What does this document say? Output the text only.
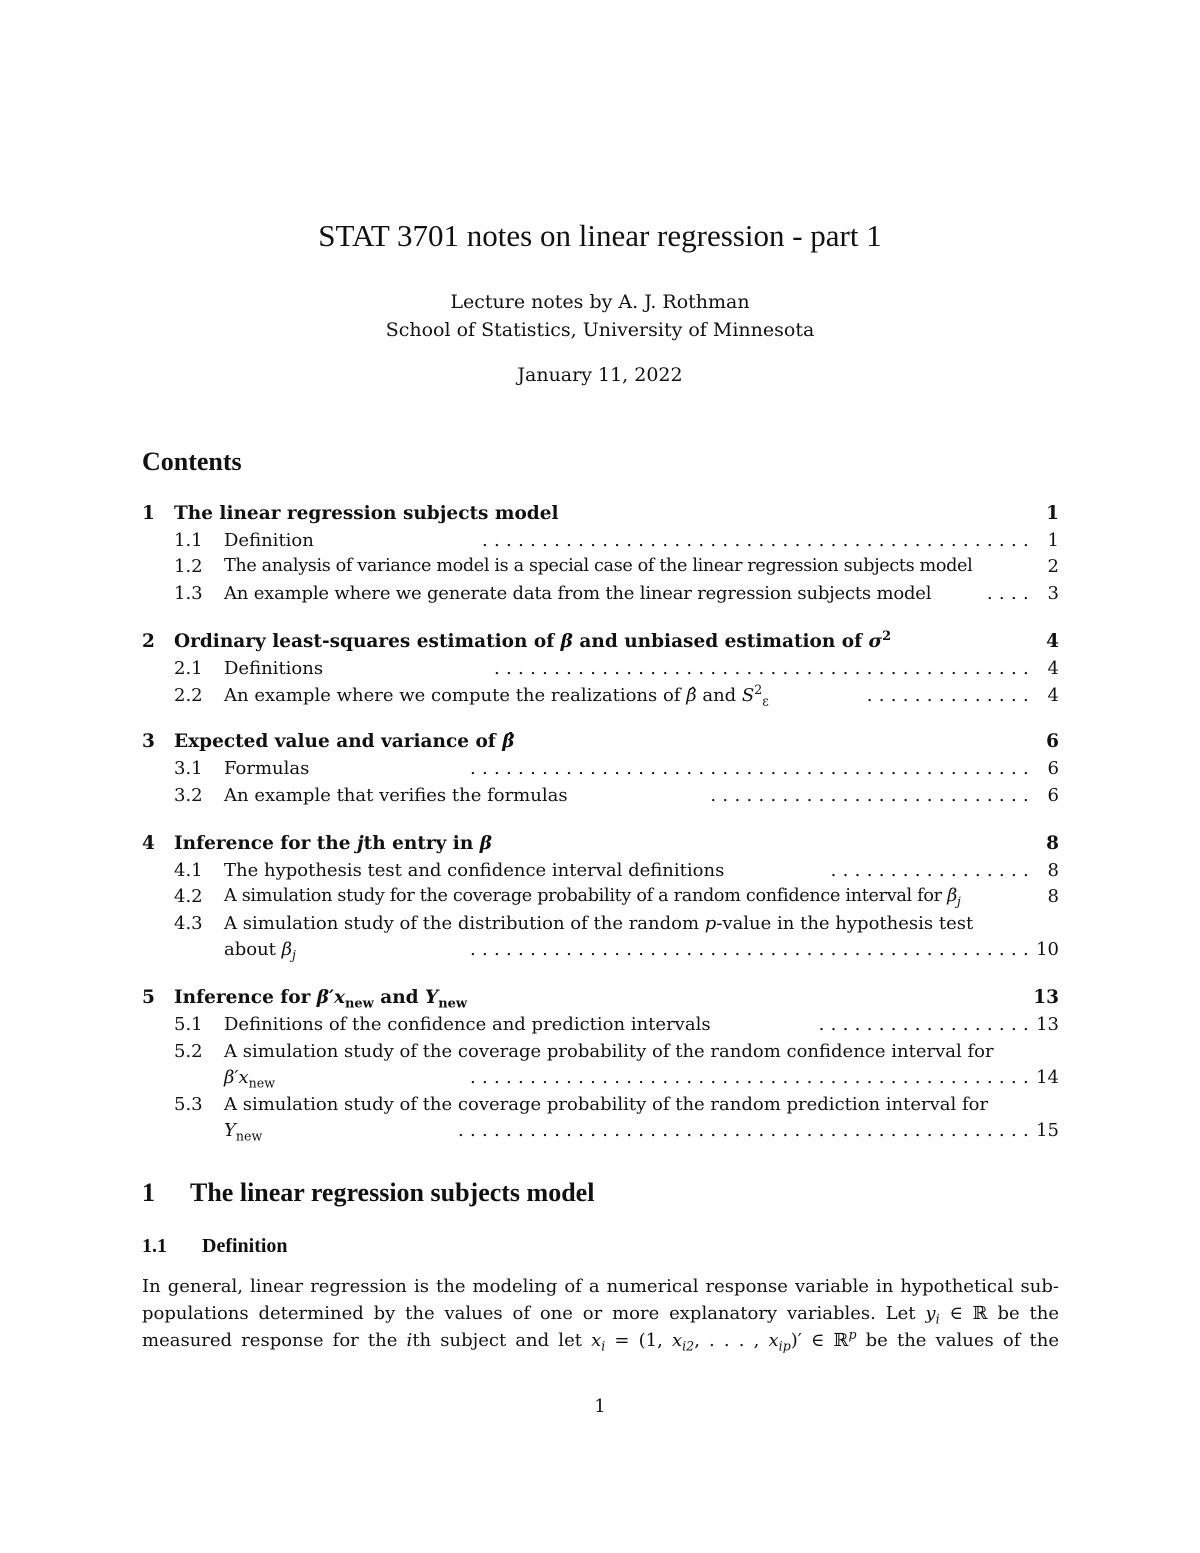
STAT 3701 notes on linear regression - part 1
Lecture notes by A. J. Rothman
School of Statistics, University of Minnesota
January 11, 2022
Contents
1 The linear regression subjects model	1
1.1 Definition	.............................................. 1
1.2 The analysis of variance model is a special case of the linear regression subjects model	2
1.3 An example where we generate data from the linear regression subjects model	.... 3
2 Ordinary least-squares estimation of β and unbiased estimation of $\sigma^2$	4
2.1 Definitions	............................................. 4
2.2 An example where we compute the realizations of β̂ and $S^2_\varepsilon$	.............. 4
3 Expected value and variance of β̂	6
3.1 Formulas	............................................... 6
3.2 An example that verifies the formulas	........................... 6
4 Inference for the jth entry in β	8
4.1 The hypothesis test and confidence interval definitions	................. 8
4.2 A simulation study for the coverage probability of a random confidence interval for $\beta_j$	8
4.3 A simulation study of the distribution of the random p-value in the hypothesis test
about $\beta_j$	............................................... 10
5 Inference for $\beta'x_{new}$ and $Y_{new}$	13
5.1 Definitions of the confidence and prediction intervals	.................. 13
5.2 A simulation study of the coverage probability of the random confidence interval for
$\beta'x_{new}$	............................................... 14
5.3 A simulation study of the coverage probability of the random prediction interval for
$Y_{new}$	................................................ 15
1 The linear regression subjects model
1.1 Definition
In general, linear regression is the modeling of a numerical response variable in hypothetical sub-
populations determined by the values of one or more explanatory variables. Let $y_i$ ∈ ℝ be the
measured response for the ith subject and let $x_i = (1$, $x_{i2}$, . . . , $x_{ip})'$ ∈ ℝ$^p$ be the values of the
1
